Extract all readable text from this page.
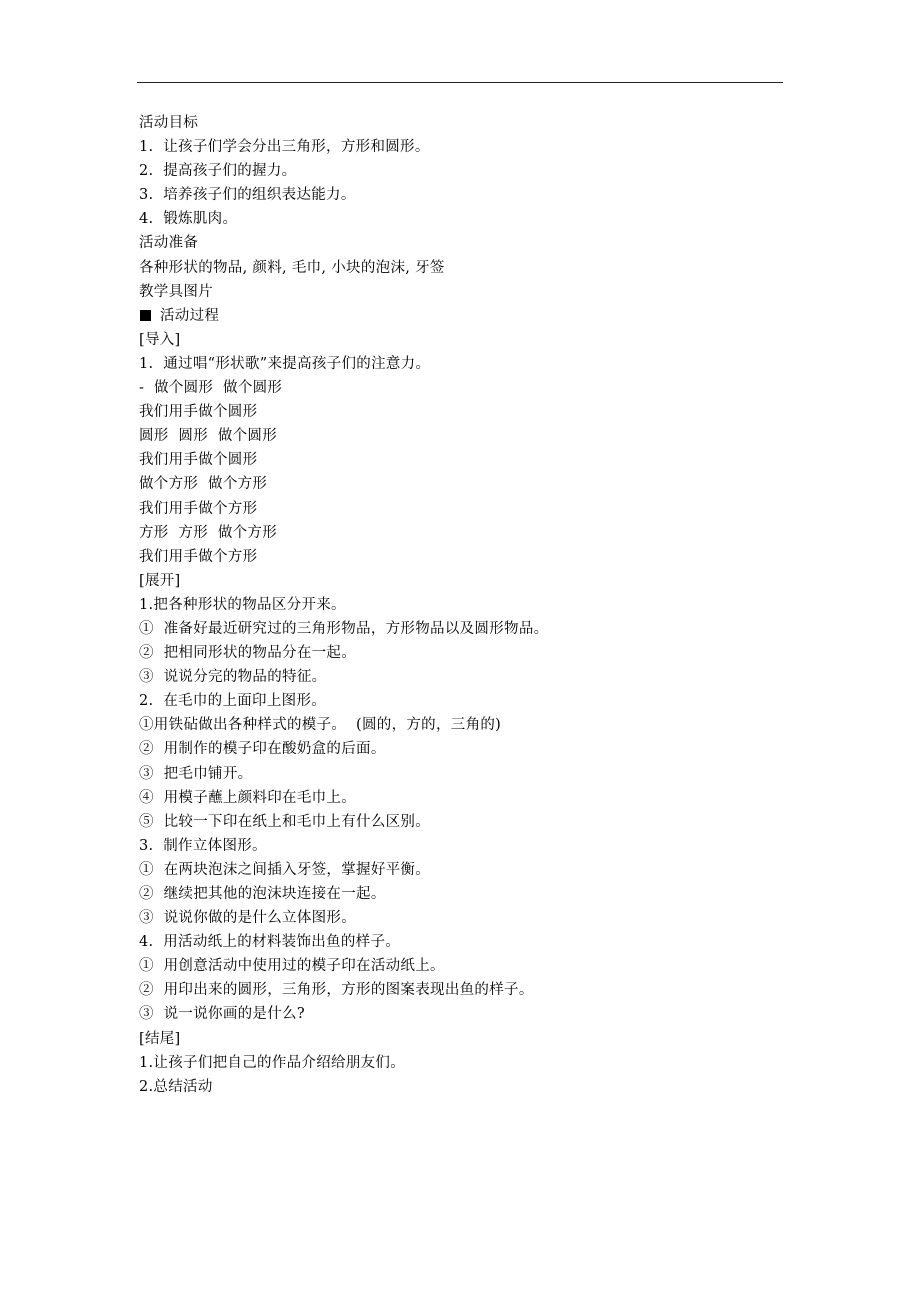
活动目标
1.  让孩子们学会分出三角形，方形和圆形。
2.  提高孩子们的握力。
3.  培养孩子们的组织表达能力。
4.  锻炼肌肉。
活动准备
各种形状的物品, 颜料, 毛巾, 小块的泡沫, 牙签
教学具图片
活动过程
[导入]
1.  通过唱“形状歌”来提高孩子们的注意力。
-  做个圆形  做个圆形
我们用手做个圆形
圆形  圆形  做个圆形
我们用手做个圆形
做个方形  做个方形
我们用手做个方形
方形  方形  做个方形
我们用手做个方形
[展开]
1.把各种形状的物品区分开来。
①  准备好最近研究过的三角形物品，方形物品以及圆形物品。
②  把相同形状的物品分在一起。
③  说说分完的物品的特征。
2.  在毛巾的上面印上图形。
①用铁砧做出各种样式的模子。  (圆的，方的，三角的)
②  用制作的模子印在酸奶盒的后面。
③  把毛巾铺开。
④  用模子蘸上颜料印在毛巾上。
⑤  比较一下印在纸上和毛巾上有什么区别。
3.  制作立体图形。
①  在两块泡沫之间插入牙签，掌握好平衡。
②  继续把其他的泡沫块连接在一起。
③  说说你做的是什么立体图形。
4.  用活动纸上的材料装饰出鱼的样子。
①  用创意活动中使用过的模子印在活动纸上。
②  用印出来的圆形，三角形，方形的图案表现出鱼的样子。
③  说一说你画的是什么?
[结尾]
1.让孩子们把自己的作品介绍给朋友们。
2.总结活动
